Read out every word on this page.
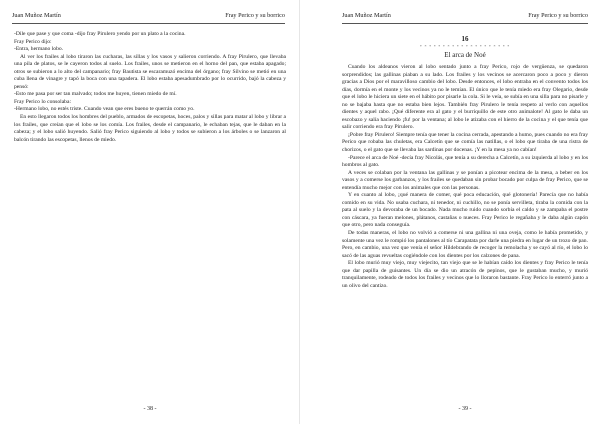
Juan Muñoz Martín	Fray Perico y su borrico

-Dile que pase y que coma -dijo fray Pirulero yendo por un plato a la cocina.

Fray Perico dijo:

-Entra, hermano lobo.

Al ver los frailes al lobo tiraron las cucharas, las sillas y los vasos y salieron corriendo. A fray Pirulero, que llevaba una pila de platos, se le cayeron todos al suelo. Los frailes, unos se metieron en el horno del pan, que estaba apagado; otros se subieron a lo alto del campanario; fray Bautista se escaramuzó encima del órgano; fray Silvino se metió en una cuba llena de vinagre y tapó la boca con una tapadera. El lobo estaba apesadumbrado por lo ocurrido, bajó la cabeza y pensó:

-Esto me pasa por ser tan malvado; todos me huyen, tienen miedo de mí.

Fray Perico lo consolaba:

-Hermano lobo, no estés triste. Cuando vean que eres bueno te querrán como yo.

En esto llegaron todos los hombres del pueblo, armados de escopetas, hoces, palos y sillas para matar al lobo y librar a los frailes, que creían que el lobo se los comía. Los frailes, desde el campanario, le echaban tejas, que le daban en la cabeza; y el lobo salió huyendo. Salió fray Perico siguiendo al lobo y todos se subieron a los árboles o se lanzaron al balcón tirando las escopetas, llenos de miedo.

- 38 -
Juan Muñoz Martín	Fray Perico y su borrico
16
* * * * * * * * * * * * * * * * * * * *
El arca de Noé

Cuando los aldeanos vieron al lobo sentado junto a fray Perico, rojo de vergüenza, se quedaron sorprendidos; las gallinas piaban a su lado. Los frailes y los vecinos se acercaron poco a poco y dieron gracias a Dios por el maravilloso cambio del lobo. Desde entonces, el lobo entraba en el convento todos los días, dormía en el monte y los vecinos ya no le temían. El único que le tenía miedo era fray Olegario, desde que el lobo le hiciera un siete en el hábito por pisarle la cola. Si le veía, se subía en una silla para no pisarle y no se bajaba hasta que no estaba bien lejos. También fray Pirulero le tenía respeto al verlo con aquellos dientes y aquel rabo. ¡Qué diferente era al gato y el burriquillo de este otro animalote! Al gato le daba un escobazo y salía haciendo ¡fu! por la ventana; al lobo le atizaba con el hierro de la cocina y el que tenía que salir corriendo era fray Pirulero.

¡Pobre fray Pirulero! Siempre tenía que tener la cocina cerrada, apestando a humo, pues cuando no era fray Perico que robaba las chuletas, era Calcetín que se comía las natillas, o el lobo que tiraba de una ristra de chorizos, o el gato que se llevaba las sardinas por docenas. ¡Y en la mesa ya no cabían!

-Parece el arca de Noé -decía fray Nicolás, que tenía a su derecha a Calcetín, a su izquierda al lobo y en los hombros al gato.

A veces se colaban por la ventana las gallinas y se ponían a picotear encima de la mesa, a beber en los vasos y a comerse los garbanzos, y los frailes se quedaban sin probar bocado por culpa de fray Perico, que se entendía mucho mejor con los animales que con las personas.

Y en cuanto al lobo, ¡qué manera de comer, qué poca educación, qué glotonería! Parecía que no había comido en su vida. No usaba cuchara, ni tenedor, ni cuchillo, no se ponía servilleta, tiraba la comida con la pata al suelo y la devoraba de un bocado. Nada mucho ruido cuando sorbía el caldo y se zampaba el postre con cáscara, ya fueran melones, plátanos, castañas o nueces. Fray Perico le regañaba y le daba algún capón que otro, pero nada conseguía.

De todas maneras, el lobo no volvió a comerse ni una gallina ni una oveja, como le había prometido, y solamente una vez le rompió los pantalones al tío Carapatata por darle una piedra en lugar de un trozo de pan. Pero, en cambio, una vez que venía el señor Hildebrando de recoger la remolacha y se cayó al río, el lobo lo sacó de las aguas revueltas cogiéndole con los dientes por los calzones de pana.

El lobo murió muy viejo, muy viejecito, tan viejo que se le habían caído los dientes y fray Perico le tenía que dar papilla de guisantes. Un día se dio un atracón de pepinos, que le gustaban mucho, y murió tranquilamente, rodeado de todos los frailes y vecinos que lo lloraron bastante. Fray Perico lo enterró junto a un olivo del cantizo.

- 39 -
